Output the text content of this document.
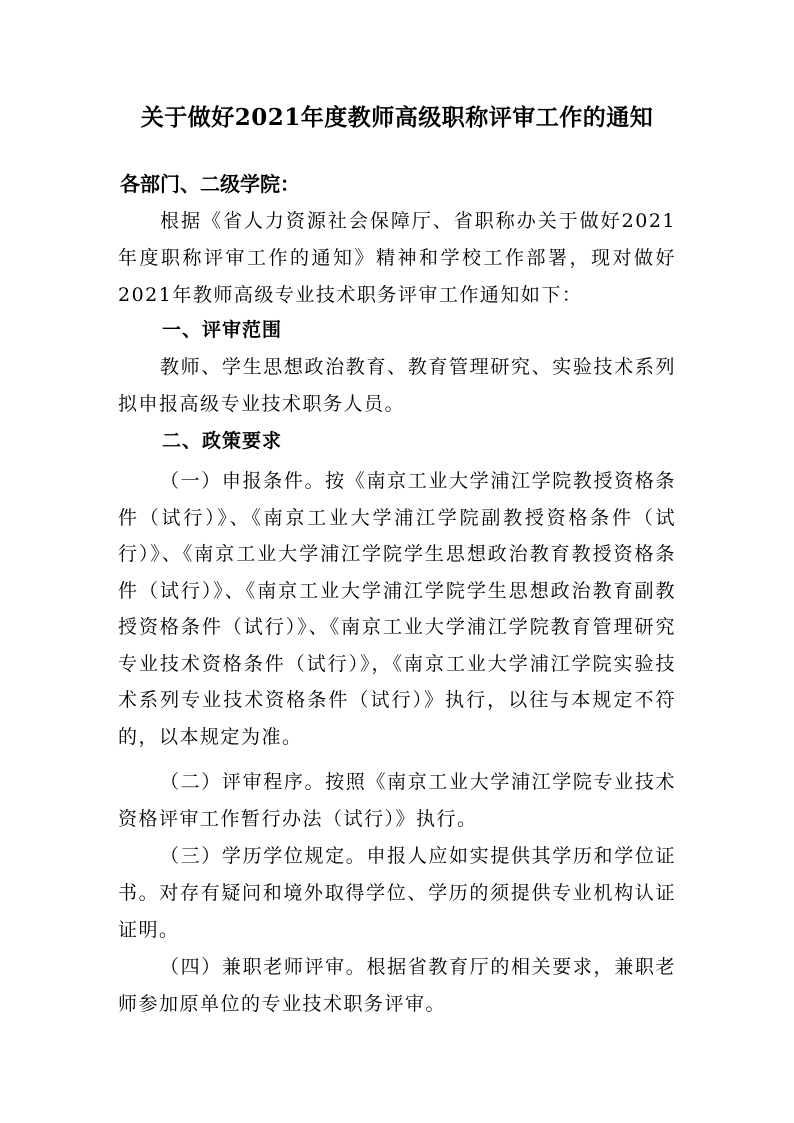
关于做好2021年度教师高级职称评审工作的通知
各部门、二级学院：
根据《省人力资源社会保障厅、省职称办关于做好2021年度职称评审工作的通知》精神和学校工作部署，现对做好2021年教师高级专业技术职务评审工作通知如下：
一、评审范围
教师、学生思想政治教育、教育管理研究、实验技术系列拟申报高级专业技术职务人员。
二、政策要求
（一）申报条件。按《南京工业大学浦江学院教授资格条件（试行）》、《南京工业大学浦江学院副教授资格条件（试行）》、《南京工业大学浦江学院学生思想政治教育教授资格条件（试行）》、《南京工业大学浦江学院学生思想政治教育副教授资格条件（试行）》、《南京工业大学浦江学院教育管理研究专业技术资格条件（试行）》，《南京工业大学浦江学院实验技术系列专业技术资格条件（试行）》执行，以往与本规定不符的，以本规定为准。
（二）评审程序。按照《南京工业大学浦江学院专业技术资格评审工作暂行办法（试行）》执行。
（三）学历学位规定。申报人应如实提供其学历和学位证书。对存有疑问和境外取得学位、学历的须提供专业机构认证证明。
（四）兼职老师评审。根据省教育厅的相关要求，兼职老师参加原单位的专业技术职务评审。
